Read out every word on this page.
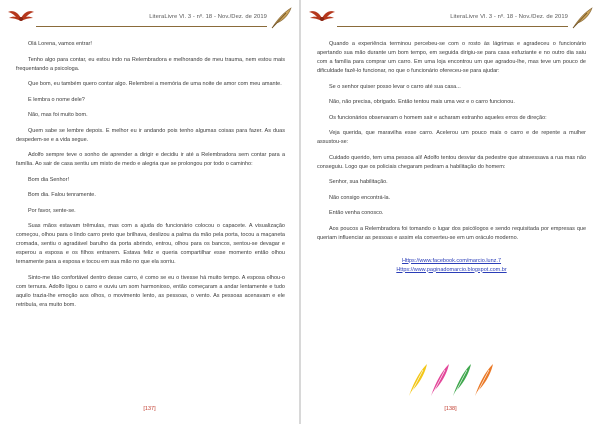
LiteraLivre Vl. 3 - nº. 18 - Nov./Dez. de 2019

Olá Lorena, vamos entrar!

Tenho algo para contar, eu estou indo na Relembradora e melhorando de meu trauma, nem estou mais frequentando a psicologa.

Que bom, eu também quero contar algo. Relembrei a memória de uma noite de amor com meu amante.

E lembra o nome dele?

Não, mas foi muito bom.

Quem sabe se lembre depois. E melhor eu ir andando pois tenho algumas coisas para fazer. As duas despedem-se e a vida segue.

Adolfo sempre teve o sonho de aprender a dirigir e decidiu ir até a Relembradora sem contar para a família. Ao sair de casa sentiu um misto de medo e alegria que se prolongou por todo o caminho:

Bom dia Senhor!

Bom dia. Falou tenramente.

Por favor, sente-se.

Suas mãos estavam trêmulas, mas com a ajuda do funcionário colocou o capacete. A visualização começou, olhou para o lindo carro preto que brilhava, deslizou a palma da mão pela porta, tocou a maçaneta cromada, sentiu o agradável barulho da porta abrindo, entrou, olhou para os bancos, sentou-se devagar e esperou a esposa e os filhos entrarem. Estava feliz e queria compartilhar esse momento então olhou ternamente para a esposa e tocou em sua mão no que ela sorriu.

Sinto-me tão confortável dentro desse carro, é como se eu o tivesse há muito tempo. A esposa olhou-o com ternura. Adolfo ligou o carro e ouviu um som harmonioso, então começaram a andar lentamente e tudo aquilo trazia-lhe emoção aos olhos, o movimento lento, as pessoas, o vento. As pessoas acenavam e ele retribuía, era muito bom.

[137]
LiteraLivre Vl. 3 - nº. 18 - Nov./Dez. de 2019

Quando a experiência terminou percebeu-se com o rosto às lágrimas e agradeceu o funcionário apertando sua mão durante um bom tempo, em seguida dirigiu-se para casa esfuziante e no outro dia saiu com a família para comprar um carro. Em uma loja encontrou um que agradou-lhe, mas teve um pouco de dificuldade fazê-lo funcionar, no que o funcionário ofereceu-se para ajudar:

Se o senhor quiser posso levar o carro até sua casa...

Não, não precisa, obrigado. Então tentou mais uma vez e o carro funcionou.

Os funcionários observaram o homem sair e acharam estranho aqueles erros de direção:

Veja querida, que maravilha esse carro. Acelerou um pouco mais o carro e de repente a mulher assustou-se:

Cuidado querido, tem uma pessoa ali! Adolfo tentou desviar da pedestre que atravessava a rua mas não conseguiu. Logo que os policiais chegaram pediram a habilitação do homem:

Senhor, sua habilitação.

Não consigo encontrá-la.

Então venha conosco.

Aos poucos a Relembradora foi tomando o lugar dos psicólogos e sendo requisitada por empresas que queriam influenciar as pessoas e assim ela converteu-se em um oráculo moderno.

Https://www.facebook.com/marcio.lunz.7
Https://www.paginadomarcio.blogspot.com.br
[138]
